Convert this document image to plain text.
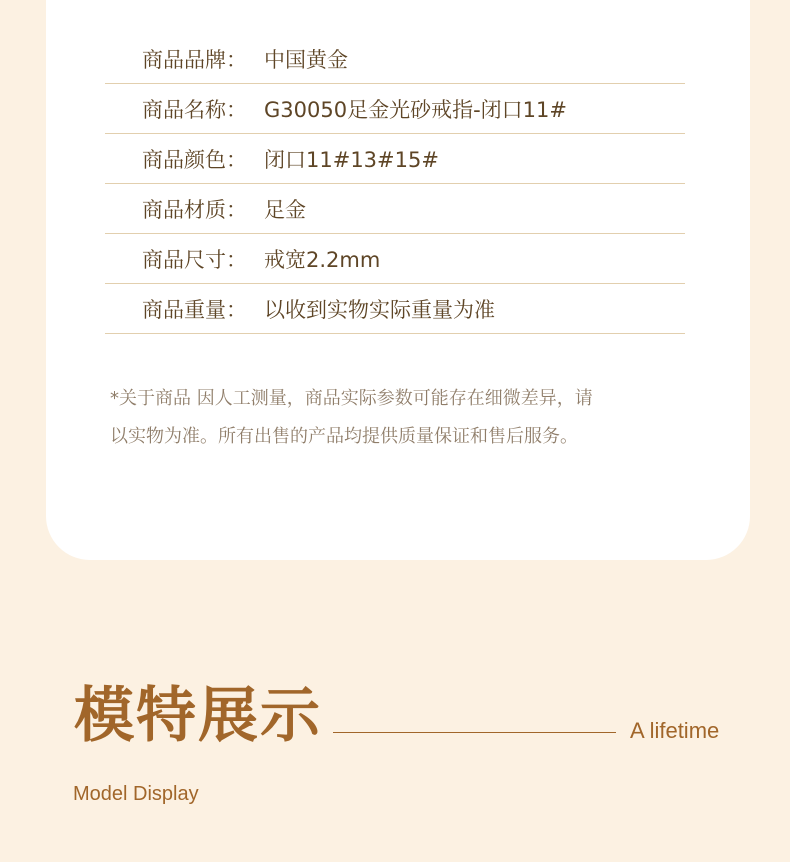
商品品牌： 中国黄金
商品名称： G30050足金光砂戒指-闭口11#
商品颜色： 闭口11#13#15#
商品材质： 足金
商品尺寸： 戒宽2.2mm
商品重量： 以收到实物实际重量为准
*关于商品 因人工测量，商品实际参数可能存在细微差异，请
以实物为准。所有出售的产品均提供质量保证和售后服务。
模特展示	A lifetime
Model Display
